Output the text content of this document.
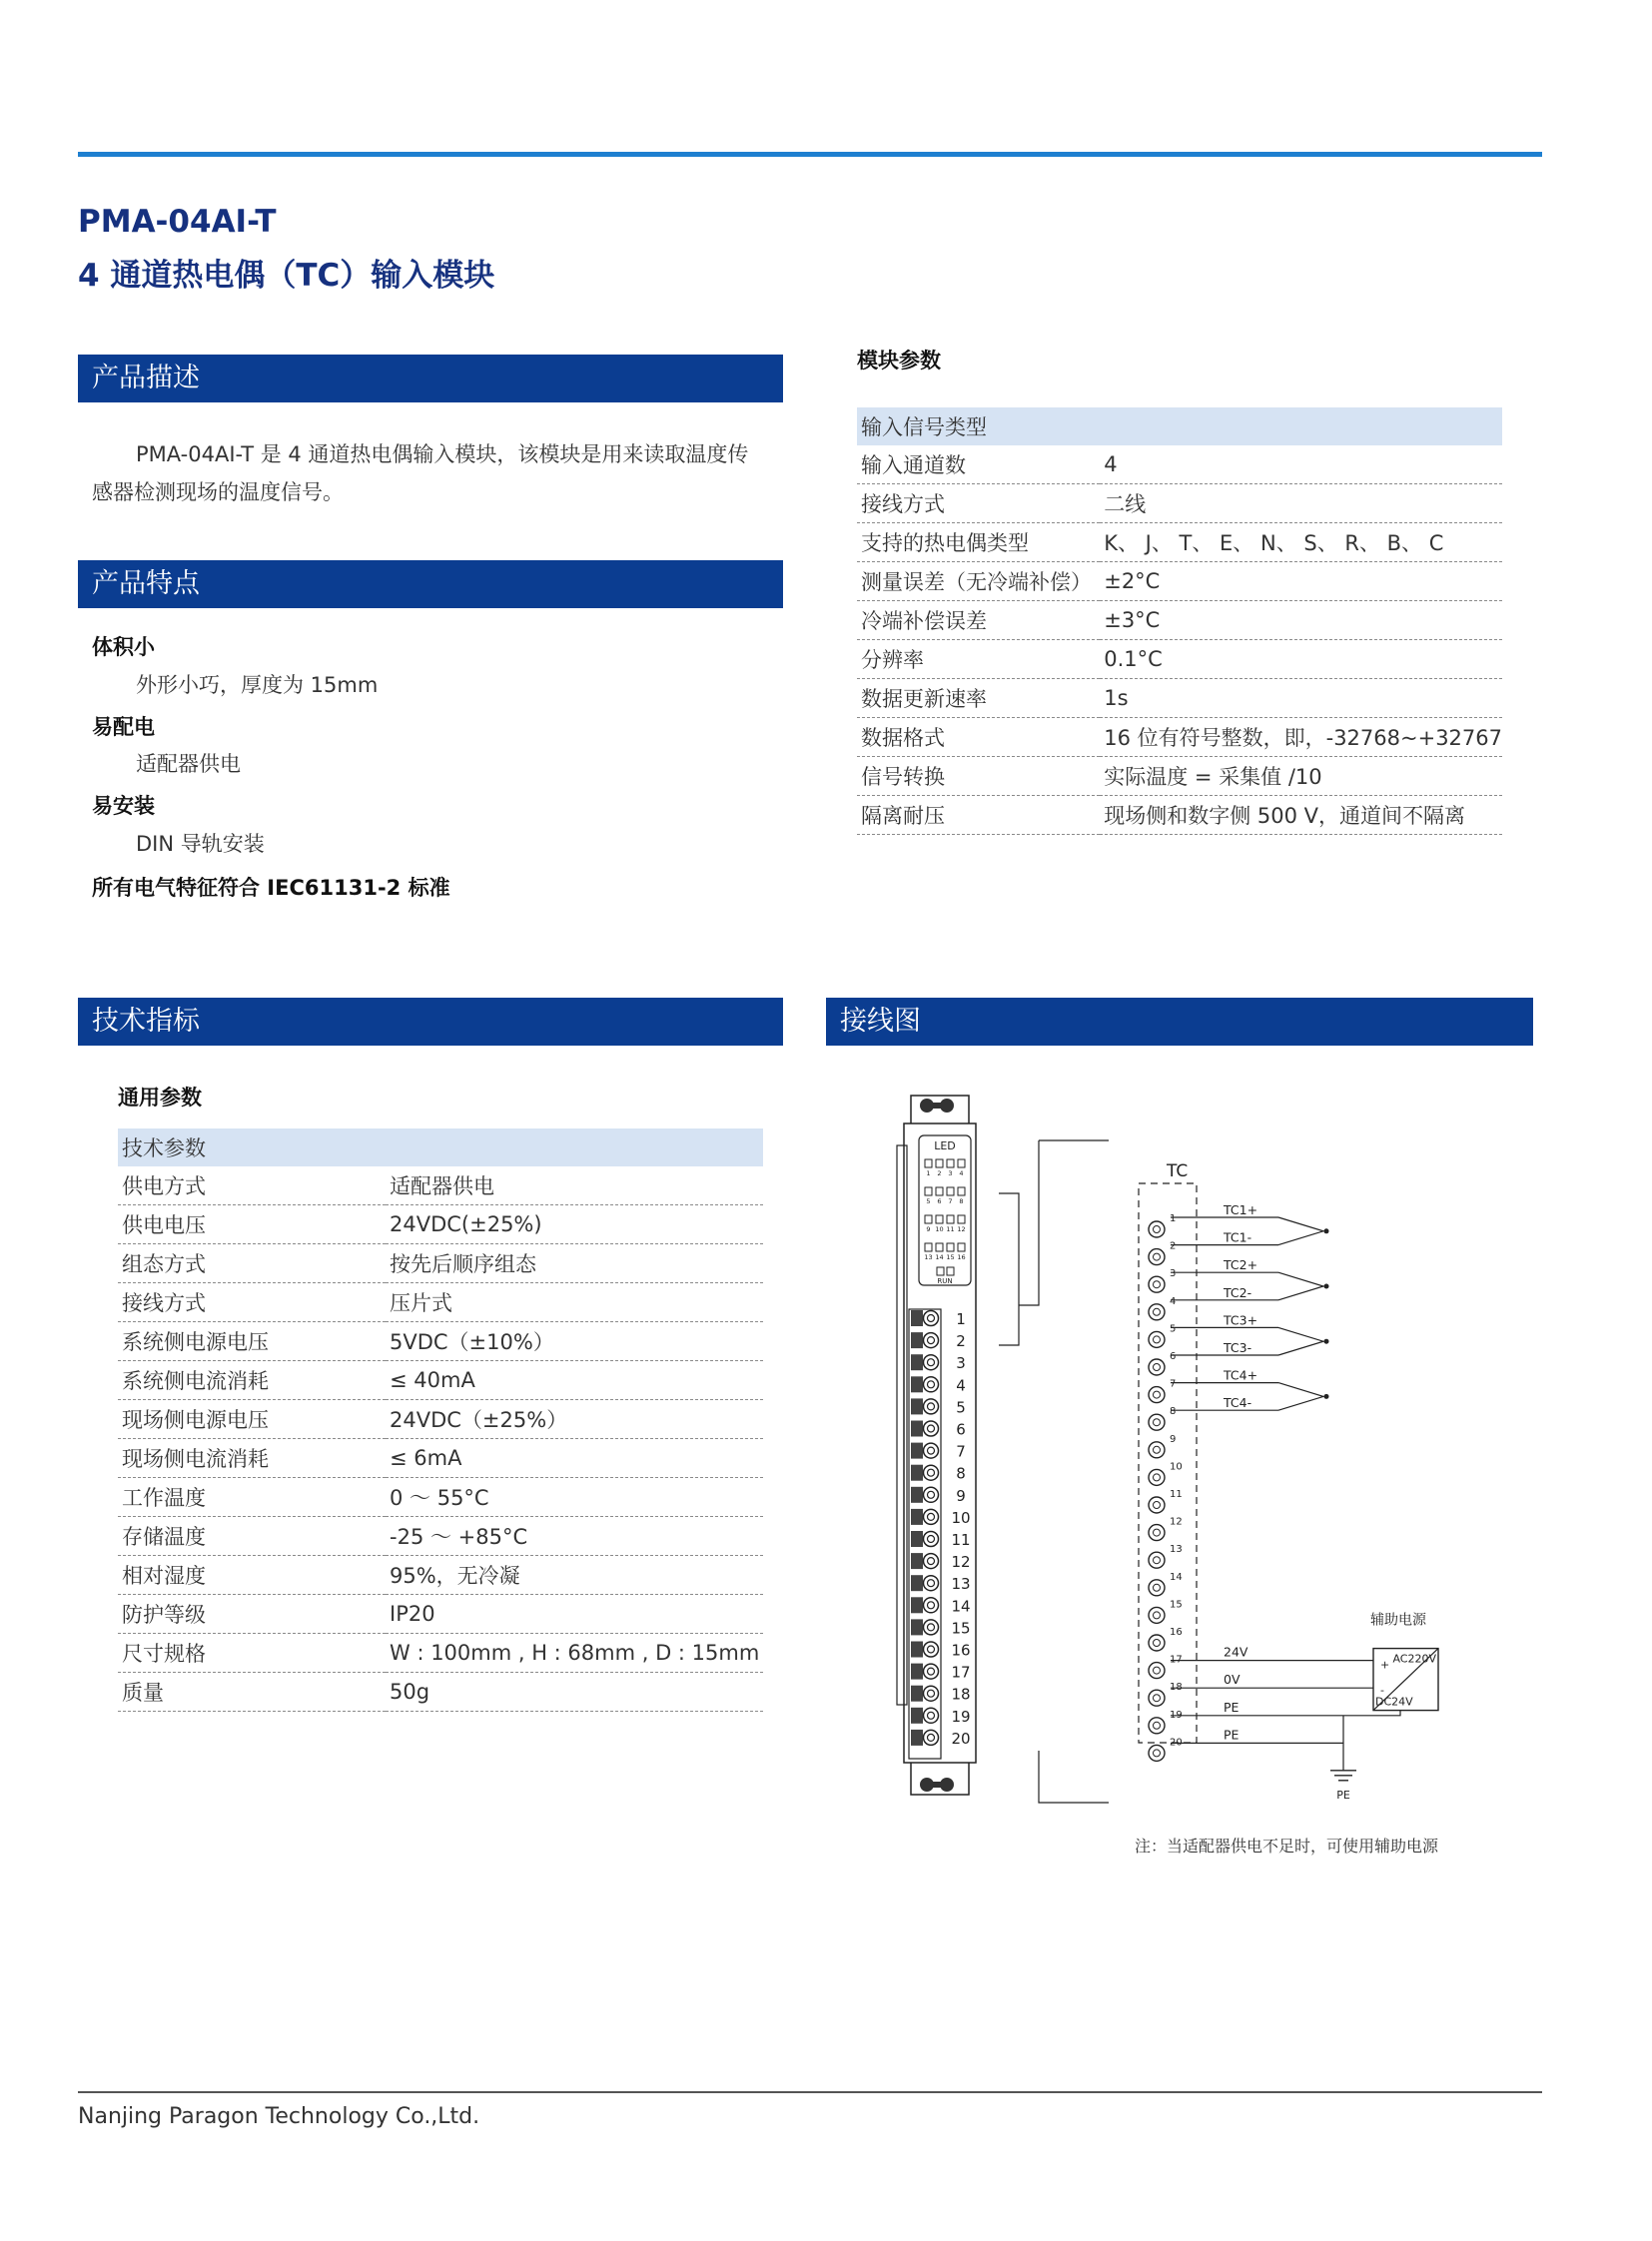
PMA-04AI-T
4 通道热电偶（TC）输入模块
产品描述
PMA-04AI-T 是 4 通道热电偶输入模块，该模块是用来读取温度传
感器检测现场的温度信号。
产品特点
体积小
外形小巧，厚度为 15mm
易配电
适配器供电
易安装
DIN 导轨安装
所有电气特征符合 IEC61131-2 标准
模块参数
输入信号类型	
输入通道数	4
接线方式	二线
支持的热电偶类型	K、 J、 T、 E、 N、 S、 R、 B、 C
测量误差（无冷端补偿）	±2°C
冷端补偿误差	±3°C
分辨率	0.1°C
数据更新速率	1s
数据格式	16 位有符号整数，即，-32768~+32767
信号转换	实际温度 = 采集值 /10
隔离耐压	现场侧和数字侧 500 V，通道间不隔离
技术指标
通用参数
技术参数	
供电方式	适配器供电
供电电压	24VDC(±25%)
组态方式	按先后顺序组态
接线方式	压片式
系统侧电源电压	5VDC（±10%）
系统侧电流消耗	≤ 40mA
现场侧电源电压	24VDC（±25%）
现场侧电流消耗	≤ 6mA
工作温度	0 ～ 55°C
存储温度	-25 ～ +85°C
相对湿度	95%，无冷凝
防护等级	IP20
尺寸规格	W : 100mm , H : 68mm , D : 15mm
质量	50g
接线图
LED
1 2 3 4
5 6 7 8
9 10 11 12
13 14 15 16
RUN
1
2
3
4
5
6
7
8
9
10
11
12
13
14
15
16
17
18
19
20
TC
1
2
3
4
5
6
7
8
9
10
11
12
13
14
15
16
17
18
19
20
TC1+
TC1-
TC2+
TC2-
TC3+
TC3-
TC4+
TC4-
24V
0V
PE
PE
PE
辅助电源
AC220V
DC24V
+
-
注：当适配器供电不足时，可使用辅助电源
Nanjing Paragon Technology Co.,Ltd.
